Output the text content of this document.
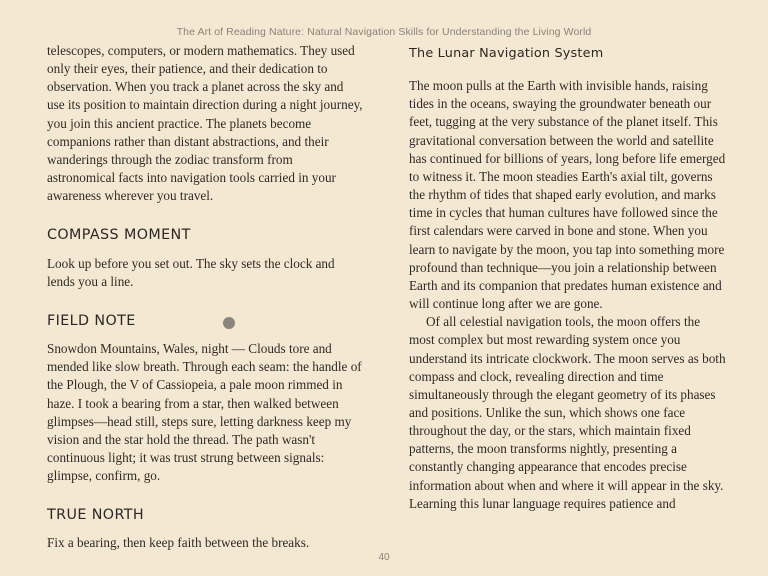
The Art of Reading Nature: Natural Navigation Skills for Understanding the Living World

telescopes, computers, or modern mathematics. They used only their eyes, their patience, and their dedication to observation. When you track a planet across the sky and use its position to maintain direction during a night journey, you join this ancient practice. The planets become companions rather than distant abstractions, and their wanderings through the zodiac transform from astronomical facts into navigation tools carried in your awareness wherever you travel.

COMPASS MOMENT

Look up before you set out. The sky sets the clock and lends you a line.

FIELD NOTE

Snowdon Mountains, Wales, night — Clouds tore and mended like slow breath. Through each seam: the handle of the Plough, the V of Cassiopeia, a pale moon rimmed in haze. I took a bearing from a star, then walked between glimpses—head still, steps sure, letting darkness keep my vision and the star hold the thread. The path wasn't continuous light; it was trust strung between signals: glimpse, confirm, go.

TRUE NORTH

Fix a bearing, then keep faith between the breaks.

The Lunar Navigation System

The moon pulls at the Earth with invisible hands, raising tides in the oceans, swaying the groundwater beneath our feet, tugging at the very substance of the planet itself. This gravitational conversation between the world and satellite has continued for billions of years, long before life emerged to witness it. The moon steadies Earth's axial tilt, governs the rhythm of tides that shaped early evolution, and marks time in cycles that human cultures have followed since the first calendars were carved in bone and stone. When you learn to navigate by the moon, you tap into something more profound than technique—you join a relationship between Earth and its companion that predates human existence and will continue long after we are gone.

Of all celestial navigation tools, the moon offers the most complex but most rewarding system once you understand its intricate clockwork. The moon serves as both compass and clock, revealing direction and time simultaneously through the elegant geometry of its phases and positions. Unlike the sun, which shows one face throughout the day, or the stars, which maintain fixed patterns, the moon transforms nightly, presenting a constantly changing appearance that encodes precise information about when and where it will appear in the sky. Learning this lunar language requires patience and

40
